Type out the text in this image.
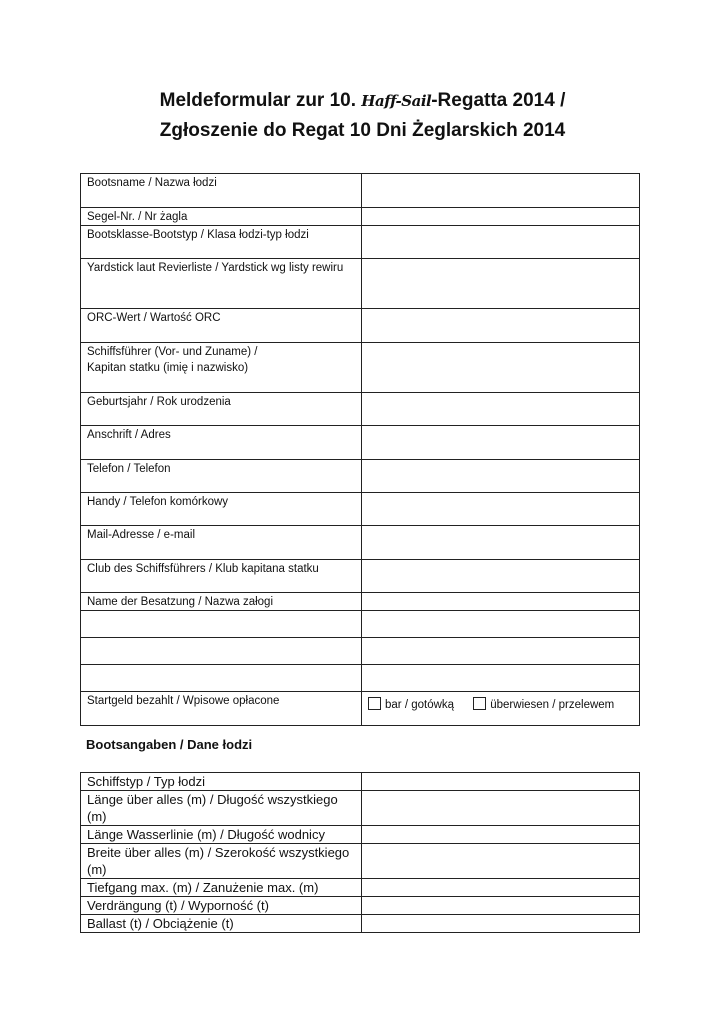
Meldeformular zur 10. Haff-Sail-Regatta 2014 /
Zgłoszenie do Regat 10 Dni Żeglarskich 2014
Bootsname / Nazwa łodzi	
Segel-Nr. / Nr żagla	
Bootsklasse-Bootstyp / Klasa łodzi-typ łodzi	
Yardstick laut Revierliste / Yardstick wg listy rewiru	
ORC-Wert / Wartość ORC	
Schiffsführer (Vor- und Zuname) /
Kapitan statku (imię i nazwisko)	
Geburtsjahr / Rok urodzenia	
Anschrift / Adres	
Telefon / Telefon	
Handy / Telefon komórkowy	
Mail-Adresse / e-mail	
Club des Schiffsführers / Klub kapitana statku	
Name der Besatzung / Nazwa załogi	

Startgeld bezahlt / Wpisowe opłacone	bar / gotówką überwiesen / przelewem
Bootsangaben / Dane łodzi
Schiffstyp / Typ łodzi	
Länge über alles (m) / Długość wszystkiego (m)	
Länge Wasserlinie (m) / Długość wodnicy	
Breite über alles (m) / Szerokość wszystkiego (m)	
Tiefgang max. (m) / Zanużenie max. (m)	
Verdrängung (t) / Wyporność (t)	
Ballast (t) / Obciążenie (t)	
